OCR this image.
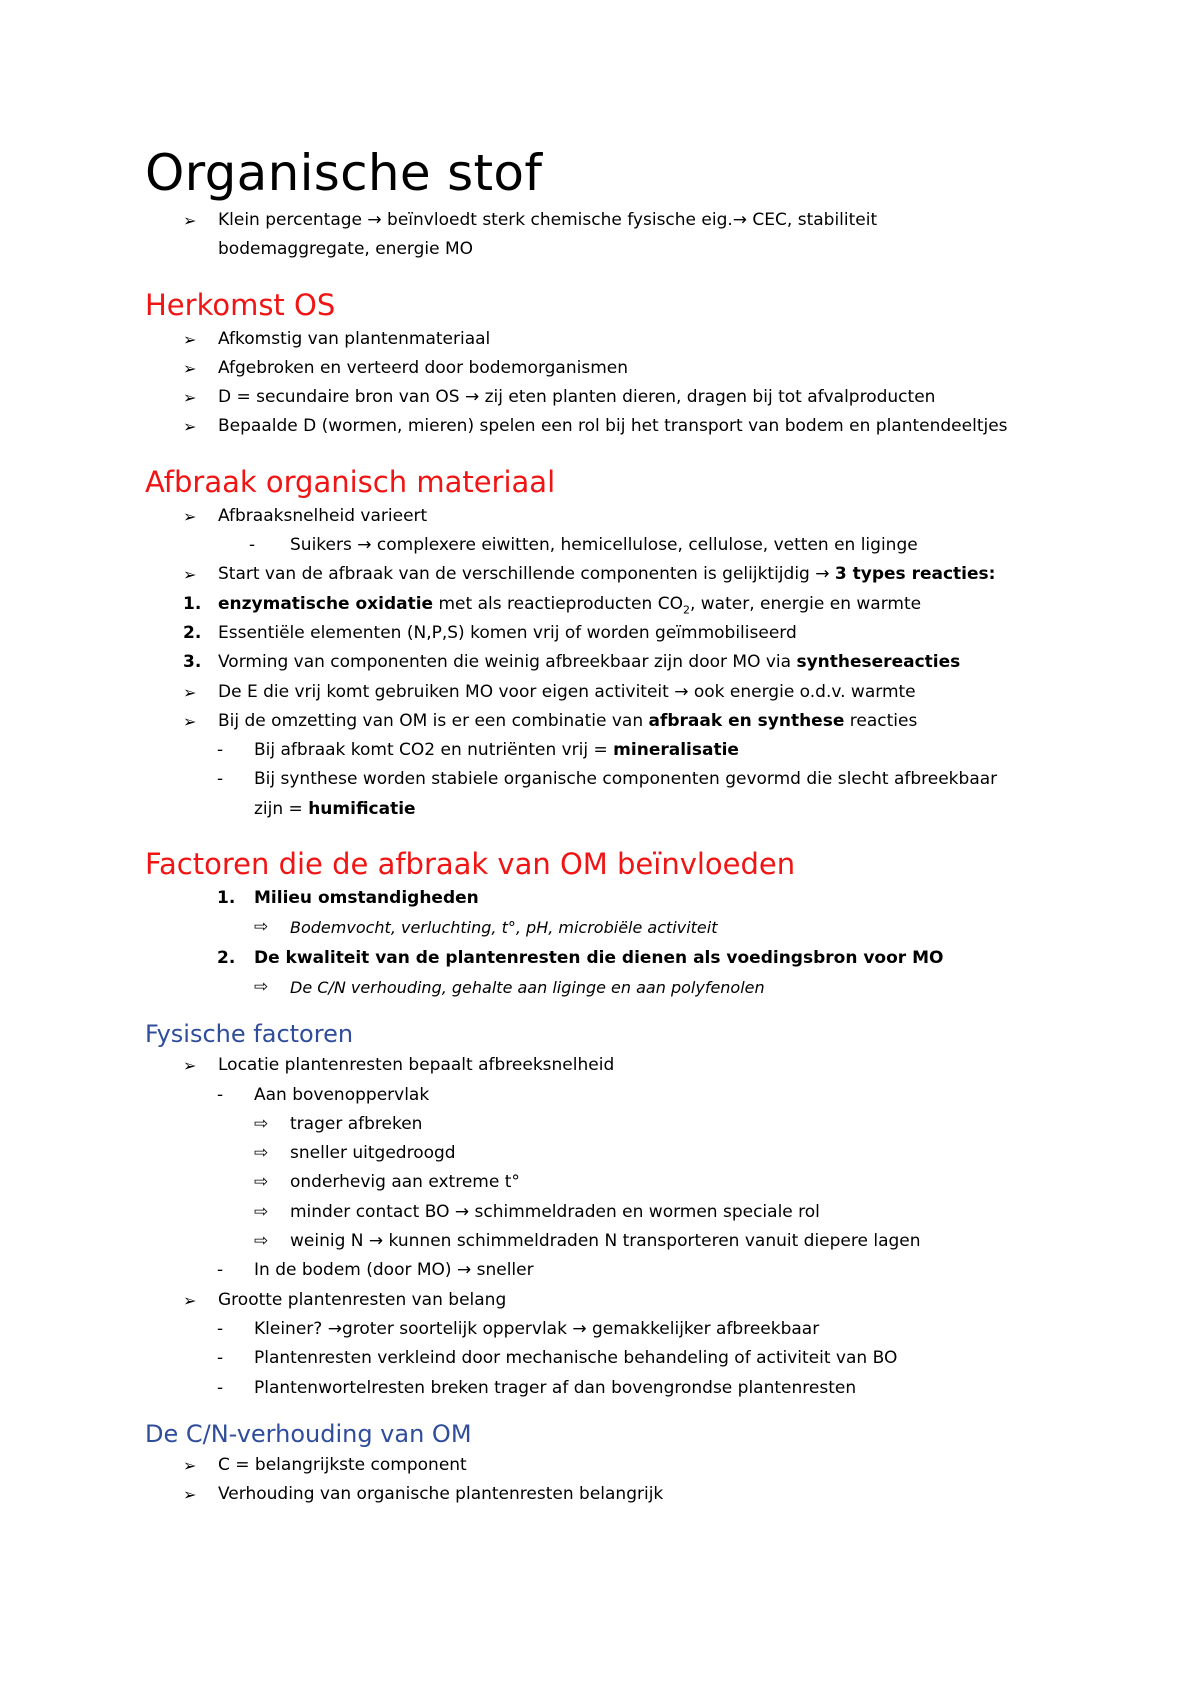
Organische stof
➢ Klein percentage → beïnvloedt sterk chemische fysische eig.→ CEC, stabiliteit
bodemaggregate, energie MO
Herkomst OS
➢ Afkomstig van plantenmateriaal
➢ Afgebroken en verteerd door bodemorganismen
➢ D = secundaire bron van OS → zij eten planten dieren, dragen bij tot afvalproducten
➢ Bepaalde D (wormen, mieren) spelen een rol bij het transport van bodem en plantendeeltjes
Afbraak organisch materiaal
➢ Afbraaksnelheid varieert
- Suikers → complexere eiwitten, hemicellulose, cellulose, vetten en liginge
➢ Start van de afbraak van de verschillende componenten is gelijktijdig → 3 types reacties:
1. enzymatische oxidatie met als reactieproducten $CO_2$, water, energie en warmte
2. Essentiële elementen (N,P,S) komen vrij of worden geïmmobiliseerd
3. Vorming van componenten die weinig afbreekbaar zijn door MO via synthesereacties
➢ De E die vrij komt gebruiken MO voor eigen activiteit → ook energie o.d.v. warmte
➢ Bij de omzetting van OM is er een combinatie van afbraak en synthese reacties
- Bij afbraak komt CO2 en nutriënten vrij = mineralisatie
- Bij synthese worden stabiele organische componenten gevormd die slecht afbreekbaar
zijn = humificatie
Factoren die de afbraak van OM beïnvloeden
1. Milieu omstandigheden
⇨ Bodemvocht, verluchting, t°, pH, microbiële activiteit
2. De kwaliteit van de plantenresten die dienen als voedingsbron voor MO
⇨ De C/N verhouding, gehalte aan liginge en aan polyfenolen
Fysische factoren
➢ Locatie plantenresten bepaalt afbreeksnelheid
- Aan bovenoppervlak
⇨ trager afbreken
⇨ sneller uitgedroogd
⇨ onderhevig aan extreme t°
⇨ minder contact BO → schimmeldraden en wormen speciale rol
⇨ weinig N → kunnen schimmeldraden N transporteren vanuit diepere lagen
- In de bodem (door MO) → sneller
➢ Grootte plantenresten van belang
- Kleiner? →groter soortelijk oppervlak → gemakkelijker afbreekbaar
- Plantenresten verkleind door mechanische behandeling of activiteit van BO
- Plantenwortelresten breken trager af dan bovengrondse plantenresten
De C/N-verhouding van OM
➢ C = belangrijkste component
➢ Verhouding van organische plantenresten belangrijk
